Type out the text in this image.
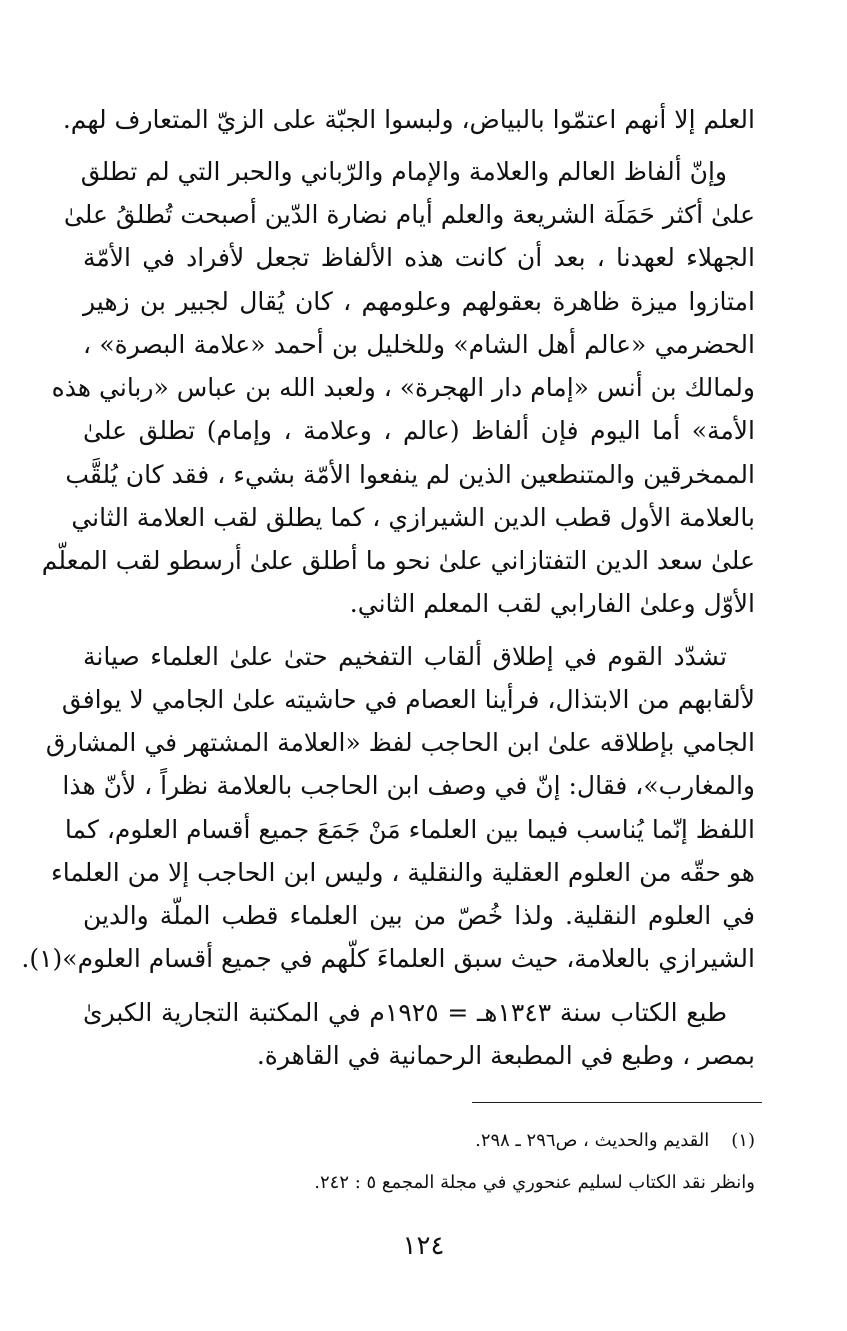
العلم إلا أنهم اعتمّوا بالبياض، ولبسوا الجبّة على الزيّ المتعارف لهم.
وإنّ ألفاظ العالم والعلامة والإمام والرّباني والحبر التي لم تطلق
علىٰ أكثر حَمَلَة الشريعة والعلم أيام نضارة الدّين أصبحت تُطلقُ علىٰ
الجهلاء لعهدنا ، بعد أن كانت هذه الألفاظ تجعل لأفراد في الأمّة
امتازوا ميزة ظاهرة بعقولهم وعلومهم ، كان يُقال لجبير بن زهير
الحضرمي «عالم أهل الشام» وللخليل بن أحمد «علامة البصرة» ،
ولمالك بن أنس «إمام دار الهجرة» ، ولعبد الله بن عباس «رباني هذه
الأمة» أما اليوم فإن ألفاظ (عالم ، وعلامة ، وإمام) تطلق علىٰ
الممخرقين والمتنطعين الذين لم ينفعوا الأمّة بشيء ، فقد كان يُلقَّب
بالعلامة الأول قطب الدين الشيرازي ، كما يطلق لقب العلامة الثاني
علىٰ سعد الدين التفتازاني علىٰ نحو ما أطلق علىٰ أرسطو لقب المعلّم
الأوّل وعلىٰ الفارابي لقب المعلم الثاني.
تشدّد القوم في إطلاق ألقاب التفخيم حتىٰ علىٰ العلماء صيانة
لألقابهم من الابتذال، فرأينا العصام في حاشيته علىٰ الجامي لا يوافق
الجامي بإطلاقه علىٰ ابن الحاجب لفظ «العلامة المشتهر في المشارق
والمغارب»، فقال: إنّ في وصف ابن الحاجب بالعلامة نظراً ، لأنّ هذا
اللفظ إنّما يُناسب فيما بين العلماء مَنْ جَمَعَ جميع أقسام العلوم، كما
هو حقّه من العلوم العقلية والنقلية ، وليس ابن الحاجب إلا من العلماء
في العلوم النقلية. ولذا خُصّ من بين العلماء قطب الملّة والدين
الشيرازي بالعلامة، حيث سبق العلماءَ كلّهم في جميع أقسام العلوم»(١).
طبع الكتاب سنة ١٣٤٣هـ = ١٩٢٥م في المكتبة التجارية الكبرىٰ
بمصر ، وطبع في المطبعة الرحمانية في القاهرة.
(١)القديم والحديث ، ص٢٩٦ ـ ٢٩٨.
وانظر نقد الكتاب لسليم عنحوري في مجلة المجمع ٥ : ٢٤٢.
١٢٤
